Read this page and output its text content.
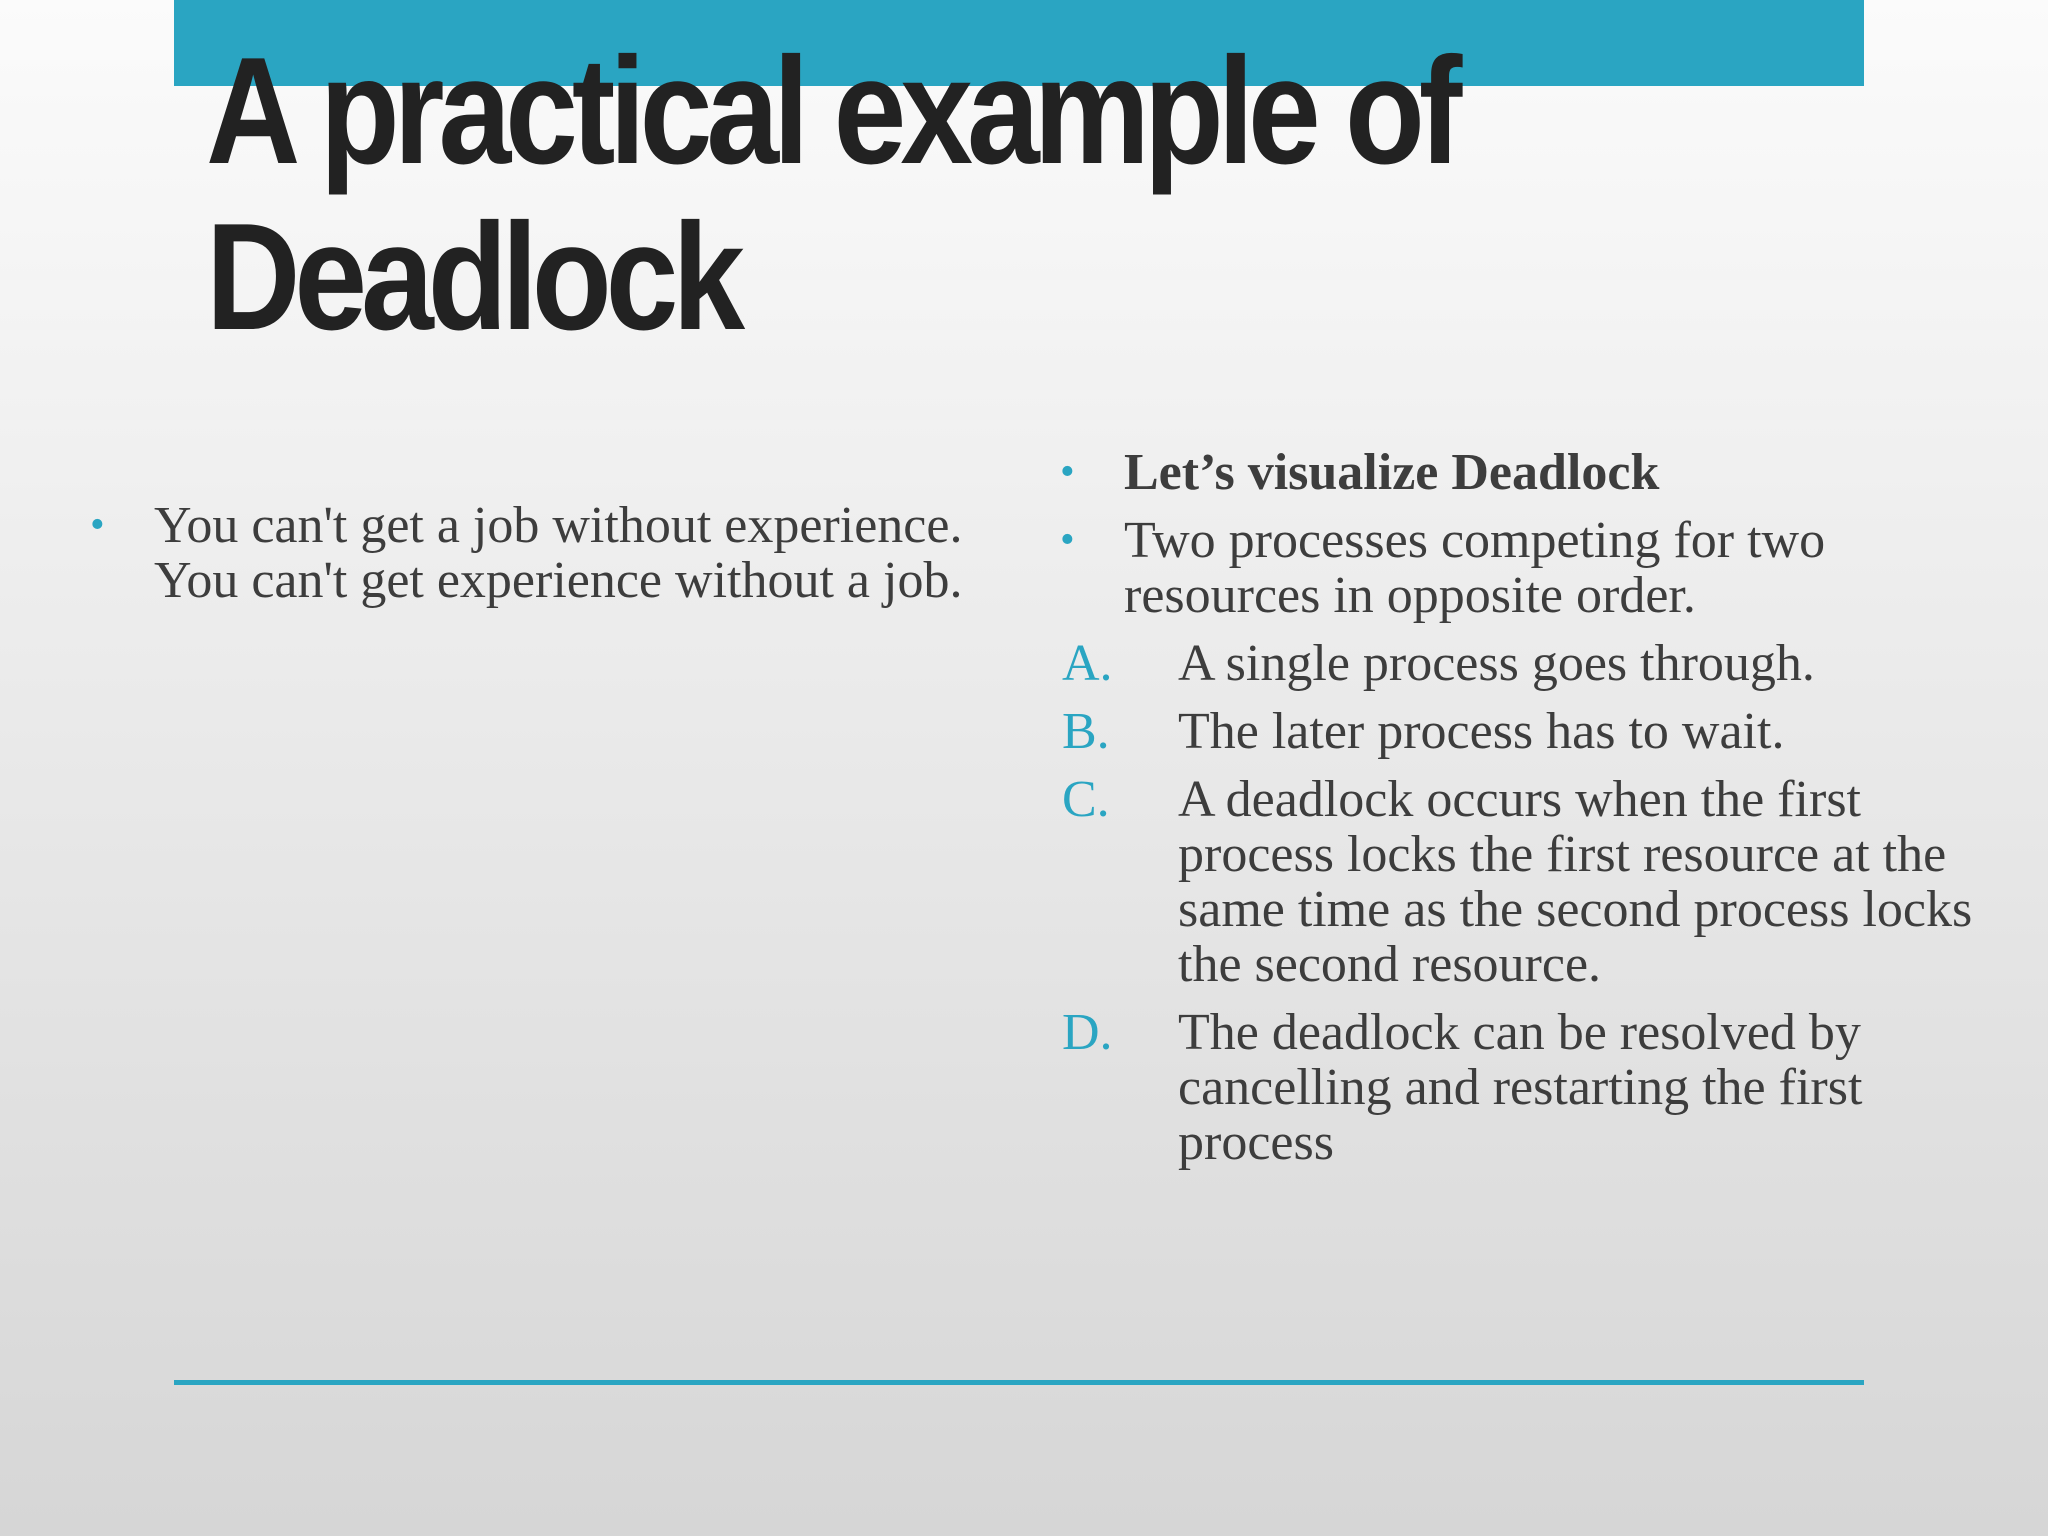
A practical example of
Deadlock
• You can't get a job without experience. You can't get experience without a job.
• Let’s visualize Deadlock
• Two processes competing for two resources in opposite order.
A. A single process goes through.
B. The later process has to wait.
C. A deadlock occurs when the first process locks the first resource at the same time as the second process locks the second resource.
D. The deadlock can be resolved by cancelling and restarting the first process
